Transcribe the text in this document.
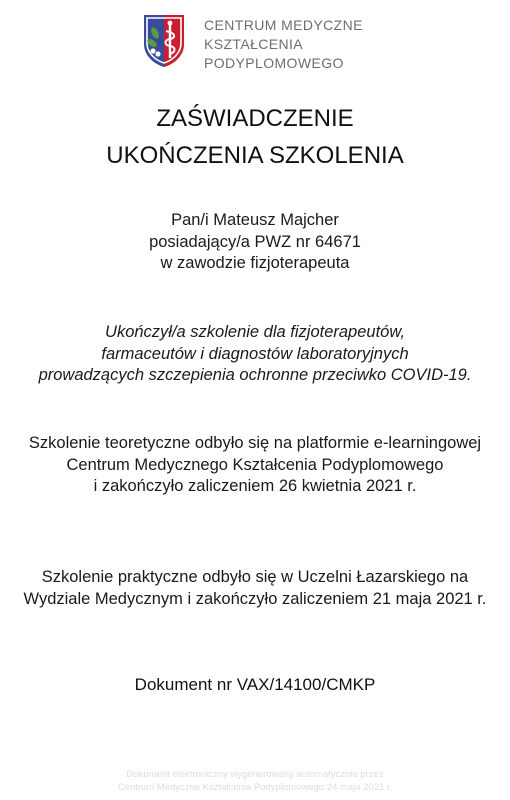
CENTRUM MEDYCZNE
KSZTAŁCENIA
PODYPLOMOWEGO
ZAŚWIADCZENIE
UKOŃCZENIA SZKOLENIA
Pan/i Mateusz Majcher
posiadający/a PWZ nr 64671
w zawodzie fizjoterapeuta
Ukończył/a szkolenie dla fizjoterapeutów,
farmaceutów i diagnostów laboratoryjnych
prowadzących szczepienia ochronne przeciwko COVID-19.
Szkolenie teoretyczne odbyło się na platformie e-learningowej
Centrum Medycznego Kształcenia Podyplomowego
i zakończyło zaliczeniem 26 kwietnia 2021 r.
Szkolenie praktyczne odbyło się w Uczelni Łazarskiego na
Wydziale Medycznym i zakończyło zaliczeniem 21 maja 2021 r.
Dokument nr VAX/14100/CMKP
Dokument elektroniczny wygenerowany automatycznie przez
Centrum Medyczne Kształcenia Podyplomowego 24 maja 2021 r.
